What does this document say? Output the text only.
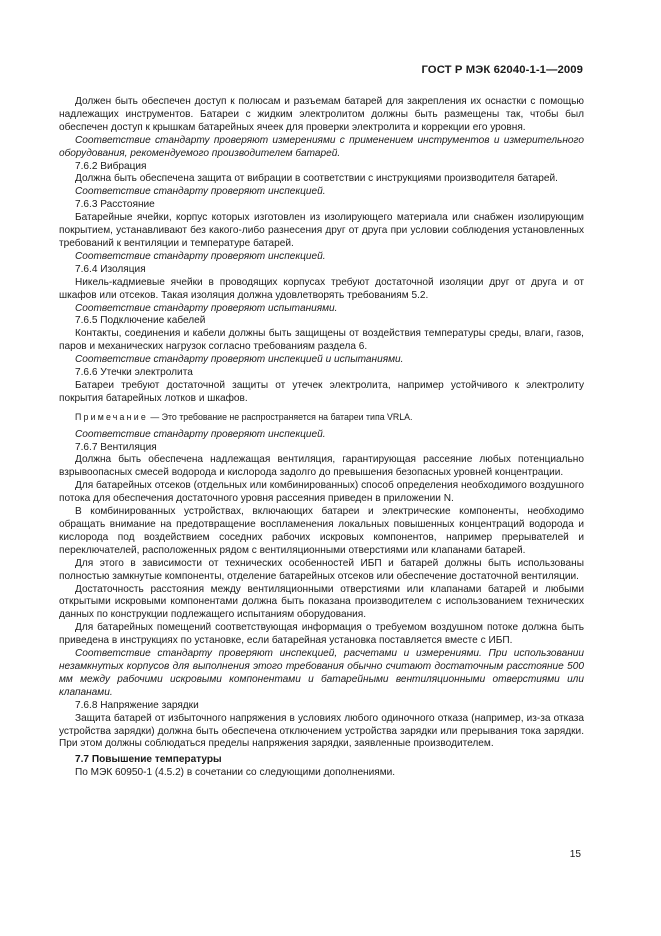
ГОСТ Р МЭК 62040-1-1—2009

Должен быть обеспечен доступ к полюсам и разъемам батарей для закрепления их оснастки с помощью надлежащих инструментов. Батареи с жидким электролитом должны быть размещены так, чтобы был обеспечен доступ к крышкам батарейных ячеек для проверки электролита и коррекции его уровня.

Соответствие стандарту проверяют измерениями с применением инструментов и измерительного оборудования, рекомендуемого производителем батарей.

7.6.2 Вибрация

Должна быть обеспечена защита от вибрации в соответствии с инструкциями производителя батарей.

Соответствие стандарту проверяют инспекцией.

7.6.3 Расстояние

Батарейные ячейки, корпус которых изготовлен из изолирующего материала или снабжен изолирующим покрытием, устанавливают без какого-либо разнесения друг от друга при условии соблюдения установленных требований к вентиляции и температуре батарей.

Соответствие стандарту проверяют инспекцией.

7.6.4 Изоляция

Никель-кадмиевые ячейки в проводящих корпусах требуют достаточной изоляции друг от друга и от шкафов или отсеков. Такая изоляция должна удовлетворять требованиям 5.2.

Соответствие стандарту проверяют испытаниями.

7.6.5 Подключение кабелей

Контакты, соединения и кабели должны быть защищены от воздействия температуры среды, влаги, газов, паров и механических нагрузок согласно требованиям раздела 6.

Соответствие стандарту проверяют инспекцией и испытаниями.

7.6.6 Утечки электролита

Батареи требуют достаточной защиты от утечек электролита, например устойчивого к электролиту покрытия батарейных лотков и шкафов.

Примечание — Это требование не распространяется на батареи типа VRLA.

Соответствие стандарту проверяют инспекцией.

7.6.7 Вентиляция

Должна быть обеспечена надлежащая вентиляция, гарантирующая рассеяние любых потенциально взрывоопасных смесей водорода и кислорода задолго до превышения безопасных уровней концентрации.

Для батарейных отсеков (отдельных или комбинированных) способ определения необходимого воздушного потока для обеспечения достаточного уровня рассеяния приведен в приложении N.

В комбинированных устройствах, включающих батареи и электрические компоненты, необходимо обращать внимание на предотвращение воспламенения локальных повышенных концентраций водорода и кислорода под воздействием соседних рабочих искровых компонентов, например прерывателей и переключателей, расположенных рядом с вентиляционными отверстиями или клапанами батарей.

Для этого в зависимости от технических особенностей ИБП и батарей должны быть использованы полностью замкнутые компоненты, отделение батарейных отсеков или обеспечение достаточной вентиляции.

Достаточность расстояния между вентиляционными отверстиями или клапанами батарей и любыми открытыми искровыми компонентами должна быть показана производителем с использованием технических данных по конструкции подлежащего испытаниям оборудования.

Для батарейных помещений соответствующая информация о требуемом воздушном потоке должна быть приведена в инструкциях по установке, если батарейная установка поставляется вместе с ИБП.

Соответствие стандарту проверяют инспекцией, расчетами и измерениями. При использовании незамкнутых корпусов для выполнения этого требования обычно считают достаточным расстояние 500 мм между рабочими искровыми компонентами и батарейными вентиляционными отверстиями или клапанами.

7.6.8 Напряжение зарядки

Защита батарей от избыточного напряжения в условиях любого одиночного отказа (например, из-за отказа устройства зарядки) должна быть обеспечена отключением устройства зарядки или прерывания тока зарядки. При этом должны соблюдаться пределы напряжения зарядки, заявленные производителем.

7.7 Повышение температуры

По МЭК 60950-1 (4.5.2) в сочетании со следующими дополнениями.

15
